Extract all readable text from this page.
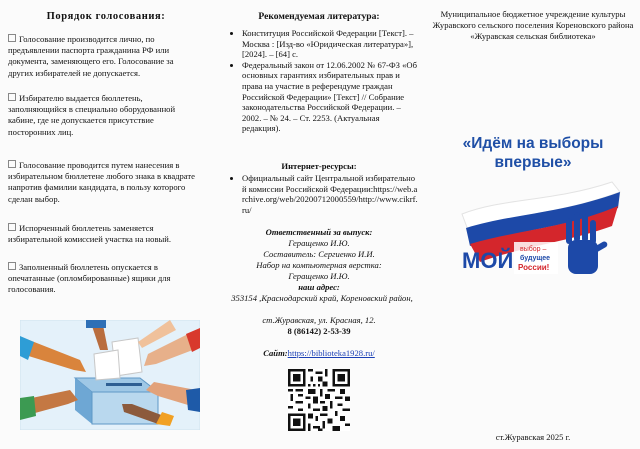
Порядок голосования:
Голосование производится лично, по предъявлении паспорта гражданина РФ или документа, заменяющего его. Голосование за других избирателей не допускается.
Избирателю выдается бюллетень, заполняющийся в специально оборудованной кабине, где не допускается присутствие посторонних лиц.
Голосование проводится путем нанесения в избирательном бюллетене любого знака в квадрате напротив фамилии кандидата, в пользу которого сделан выбор.
Испорченный бюллетень заменяется избирательной комиссией участка на новый.
Заполненный бюллетень опускается в опечатанные (опломбированные) ящики для голосования.
Рекомендуемая литература:
• Конституция Российской Федерации [Текст]. – Москва : [Изд-во «Юридическая литература»], [2024]. – [64] с.
• Федеральный закон от 12.06.2002 № 67-ФЗ «Об основных гарантиях избирательных прав и права на участие в референдуме граждан Российской Федерации» [Текст] // Собрание законодательства Российской Федерации. – 2002. – № 24. – Ст. 2253. (Актуальная редакция).
Интернет-ресурсы:
• Официальный сайт Центральной избирательной комиссии Российской Федерации:https://web.archive.org/web/20200712000559/http://www.cikrf.ru/
Ответственный за выпуск:
Геращенко И.Ю.
Составитель: Сергиенко И.И.
Набор на компьютерная верстка:
Геращенко И.Ю.
наш адрес:
353154 ,Краснодарский край, Кореновский район,
ст.Журавская, ул. Красная, 12.
8 (86142) 2-53-39
Сайт:https://biblioteka1928.ru/
Муниципальное бюджетное учреждение культуры Журавского сельского поселения Кореновского района «Журавская сельская библиотека»
«Идём на выборы
впервые»
МОЙ выбор –
будущее
России!
ст.Журавская 2025 г.
